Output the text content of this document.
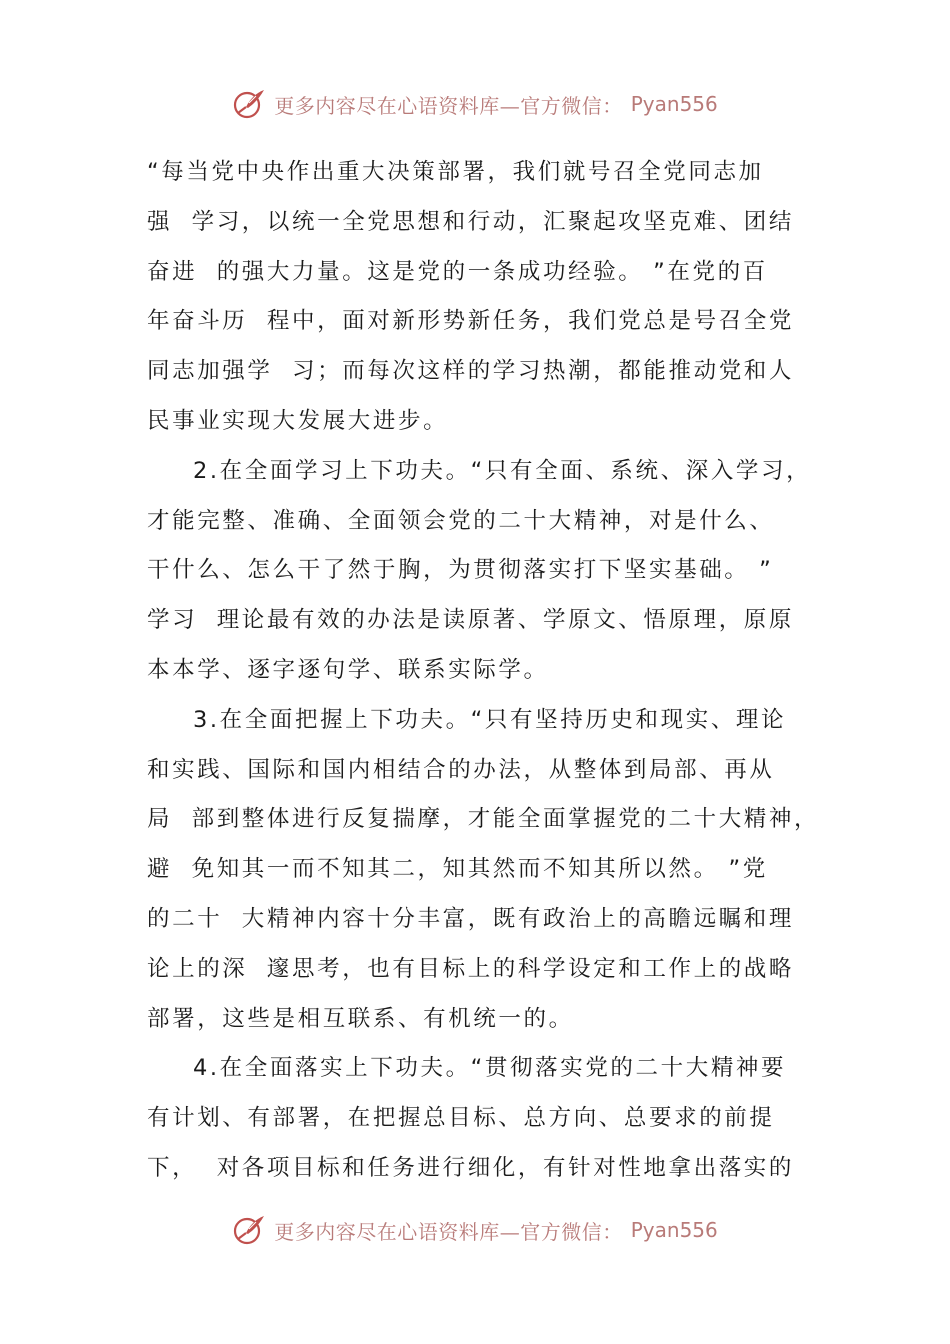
更多内容尽在心语资料库—官方微信： Pyan556
“每当党中央作出重大决策部署，我们就号召全党同志加
强  学习，以统一全党思想和行动，汇聚起攻坚克难、团结
奋进  的强大力量。这是党的一条成功经验。 ”在党的百
年奋斗历  程中，面对新形势新任务，我们党总是号召全党
同志加强学  习；而每次这样的学习热潮，都能推动党和人
民事业实现大发展大进步。
2.在全面学习上下功夫。“只有全面、系统、深入学习，
才能完整、准确、全面领会党的二十大精神，对是什么、
干什么、怎么干了然于胸，为贯彻落实打下坚实基础。 ”
学习  理论最有效的办法是读原著、学原文、悟原理，原原
本本学、逐字逐句学、联系实际学。
3.在全面把握上下功夫。“只有坚持历史和现实、理论
和实践、国际和国内相结合的办法，从整体到局部、再从
局  部到整体进行反复揣摩，才能全面掌握党的二十大精神，
避  免知其一而不知其二，知其然而不知其所以然。 ”党
的二十  大精神内容十分丰富，既有政治上的高瞻远瞩和理
论上的深  邃思考，也有目标上的科学设定和工作上的战略
部署，这些是相互联系、有机统一的。
4.在全面落实上下功夫。“贯彻落实党的二十大精神要
有计划、有部署，在把握总目标、总方向、总要求的前提
下，  对各项目标和任务进行细化，有针对性地拿出落实的
更多内容尽在心语资料库—官方微信： Pyan556
